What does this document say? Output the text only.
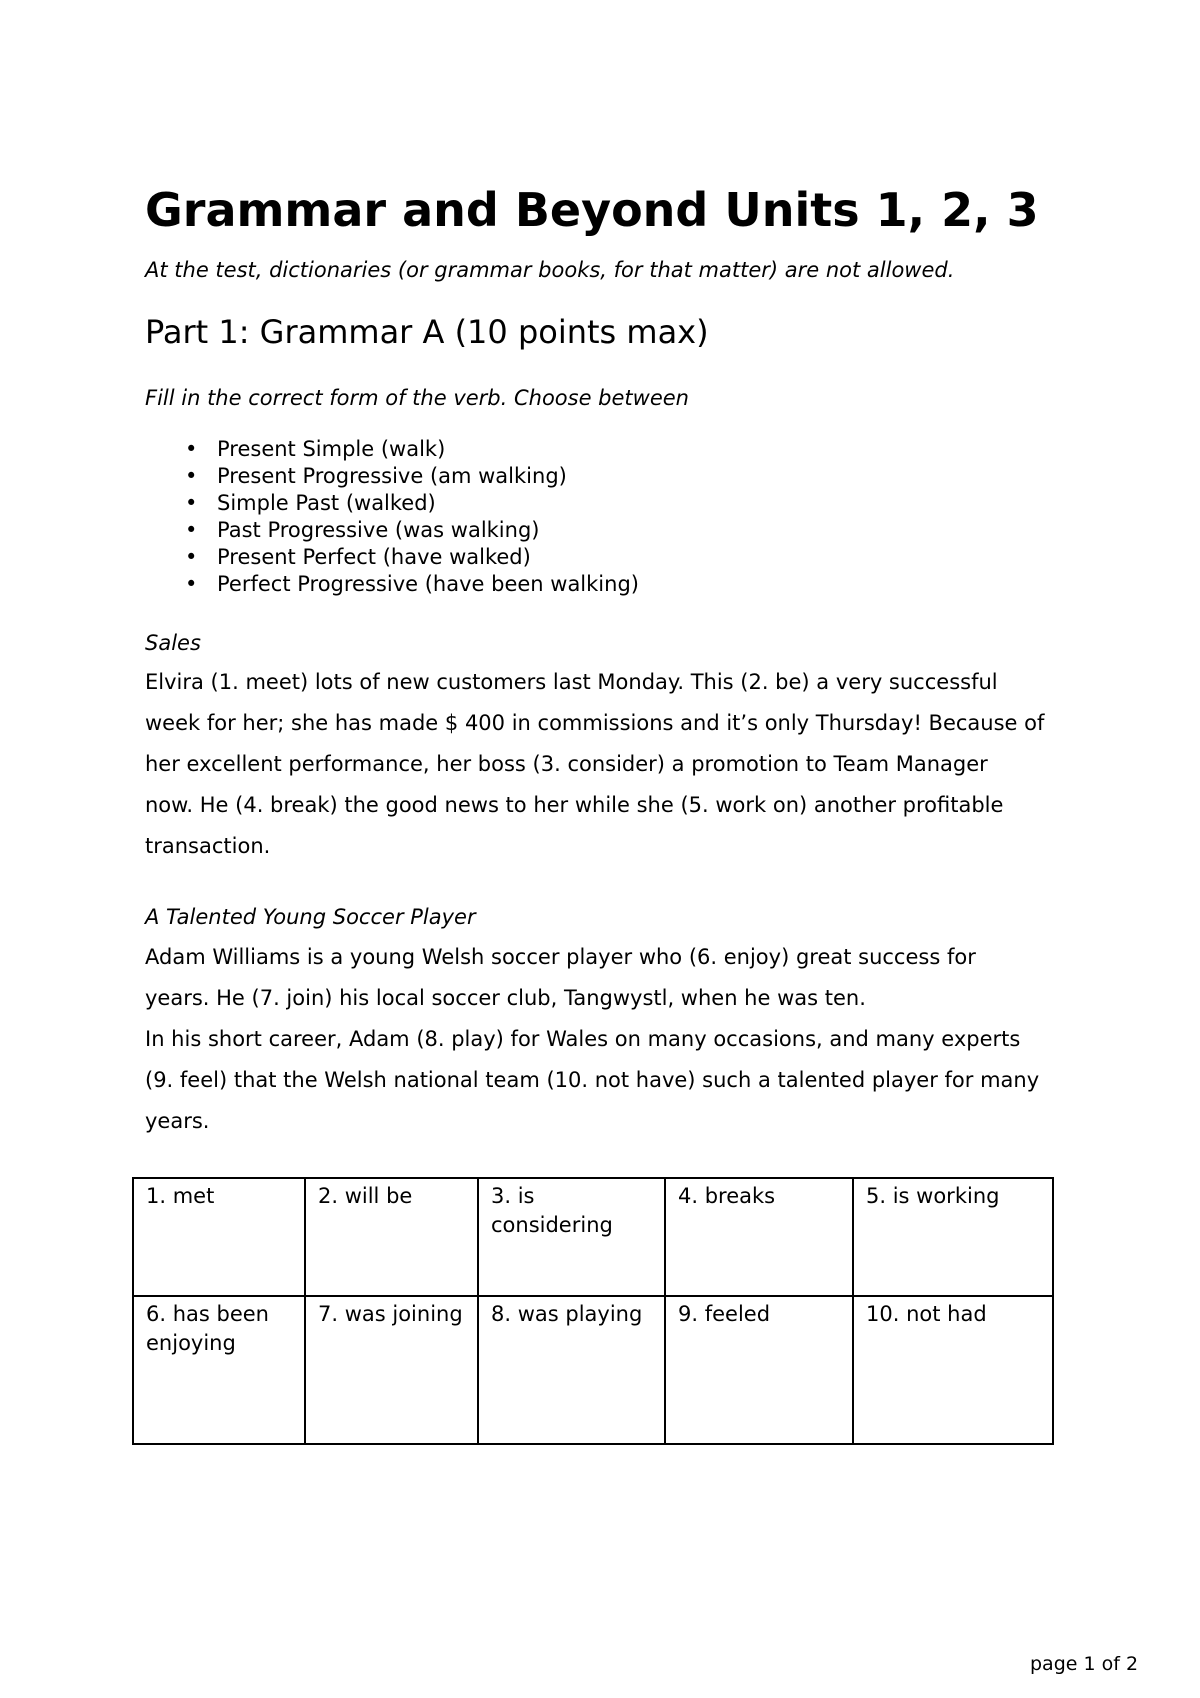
Grammar and Beyond Units 1, 2, 3
At the test, dictionaries (or grammar books, for that matter) are not allowed.
Part 1: Grammar A (10 points max)
Fill in the correct form of the verb. Choose between
• Present Simple (walk)
• Present Progressive (am walking)
• Simple Past (walked)
• Past Progressive (was walking)
• Present Perfect (have walked)
• Perfect Progressive (have been walking)
Sales
Elvira (1. meet) lots of new customers last Monday. This (2. be) a very successful
week for her; she has made $ 400 in commissions and it’s only Thursday! Because of
her excellent performance, her boss (3. consider) a promotion to Team Manager
now. He (4. break) the good news to her while she (5. work on) another profitable
transaction.
A Talented Young Soccer Player
Adam Williams is a young Welsh soccer player who (6. enjoy) great success for
years. He (7. join) his local soccer club, Tangwystl, when he was ten.
In his short career, Adam (8. play) for Wales on many occasions, and many experts
(9. feel) that the Welsh national team (10. not have) such a talented player for many
years.
1. met	2. will be	3. is considering	4. breaks	5. is working
6. has been enjoying	7. was joining	8. was playing	9. feeled	10. not had
page 1 of 2
